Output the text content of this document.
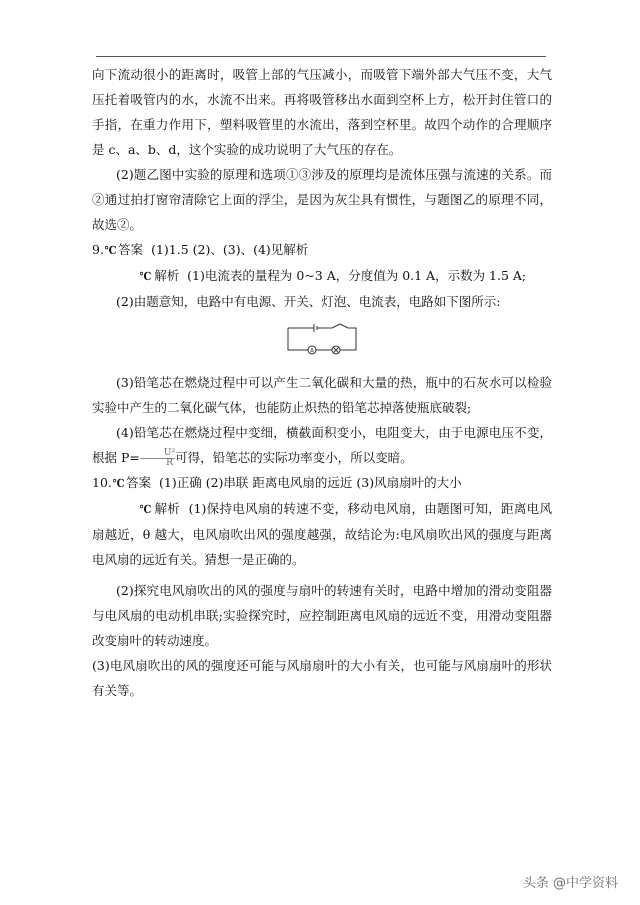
向下流动很小的距离时，吸管上部的气压减小，而吸管下端外部大气压不变，大气压托着吸管内的水，水流不出来。再将吸管移出水面到空杯上方，松开封住管口的手指，在重力作用下，塑料吸管里的水流出，落到空杯里。故四个动作的合理顺序是 c、a、b、d，这个实验的成功说明了大气压的存在。

(2)题乙图中实验的原理和选项①③涉及的原理均是流体压强与流速的关系。而②通过拍打窗帘清除它上面的浮尘，是因为灰尘具有惯性，与题图乙的原理不同，故选②。

9.℃ 答案 (1)1.5 (2)、(3)、(4)见解析

℃ 解析 (1)电流表的量程为 0~3 A，分度值为 0.1 A，示数为 1.5 A;

(2)由题意知，电路中有电源、开关、灯泡、电流表，电路如下图所示:

A

(3)铅笔芯在燃烧过程中可以产生二氧化碳和大量的热，瓶中的石灰水可以检验实验中产生的二氧化碳气体，也能防止炽热的铅笔芯掉落使瓶底破裂;

(4)铅笔芯在燃烧过程中变细，横截面积变小，电阻变大，由于电源电压不变，根据 $P= \frac{\text{U²}}{R}$ 可得，铅笔芯的实际功率变小，所以变暗。

10.℃ 答案 (1)正确 (2)串联 距离电风扇的远近 (3)风扇扇叶的大小

℃ 解析 (1)保持电风扇的转速不变，移动电风扇，由题图可知，距离电风扇越近，θ 越大，电风扇吹出风的强度越强，故结论为:电风扇吹出风的强度与距离电风扇的远近有关。猜想一是正确的。

(2)探究电风扇吹出的风的强度与扇叶的转速有关时，电路中增加的滑动变阻器与电风扇的电动机串联;实验探究时，应控制距离电风扇的远近不变，用滑动变阻器改变扇叶的转动速度。

(3)电风扇吹出的风的强度还可能与风扇扇叶的大小有关，也可能与风扇扇叶的形状有关等。

头条 @中学资料
